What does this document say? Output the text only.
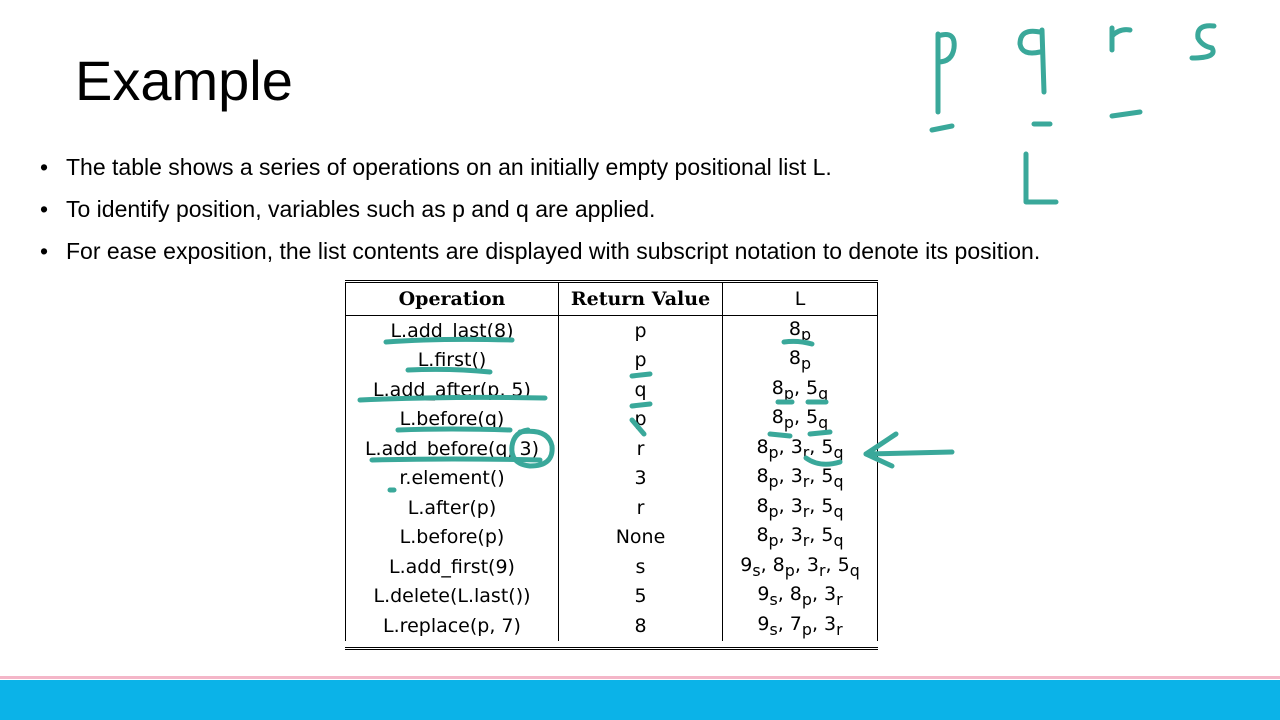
Example
• The table shows a series of operations on an initially empty positional list L.
• To identify position, variables such as p and q are applied.
• For ease exposition, the list contents are displayed with subscript notation to denote its position.
Operation	Return Value	L
L.add_last(8)	p	$8_p$
L.first()	p	$8_p$
L.add_after(p, 5)	q	$8_p$, $5_q$
L.before(q)	p	$8_p$, $5_q$
L.add_before(q, 3)	r	$8_p$, $3_r$, $5_q$
r.element()	3	$8_p$, $3_r$, $5_q$
L.after(p)	r	$8_p$, $3_r$, $5_q$
L.before(p)	None	$8_p$, $3_r$, $5_q$
L.add_first(9)	s	$9_s$, $8_p$, $3_r$, $5_q$
L.delete(L.last())	5	$9_s$, $8_p$, $3_r$
L.replace(p, 7)	8	$9_s$, $7_p$, $3_r$
